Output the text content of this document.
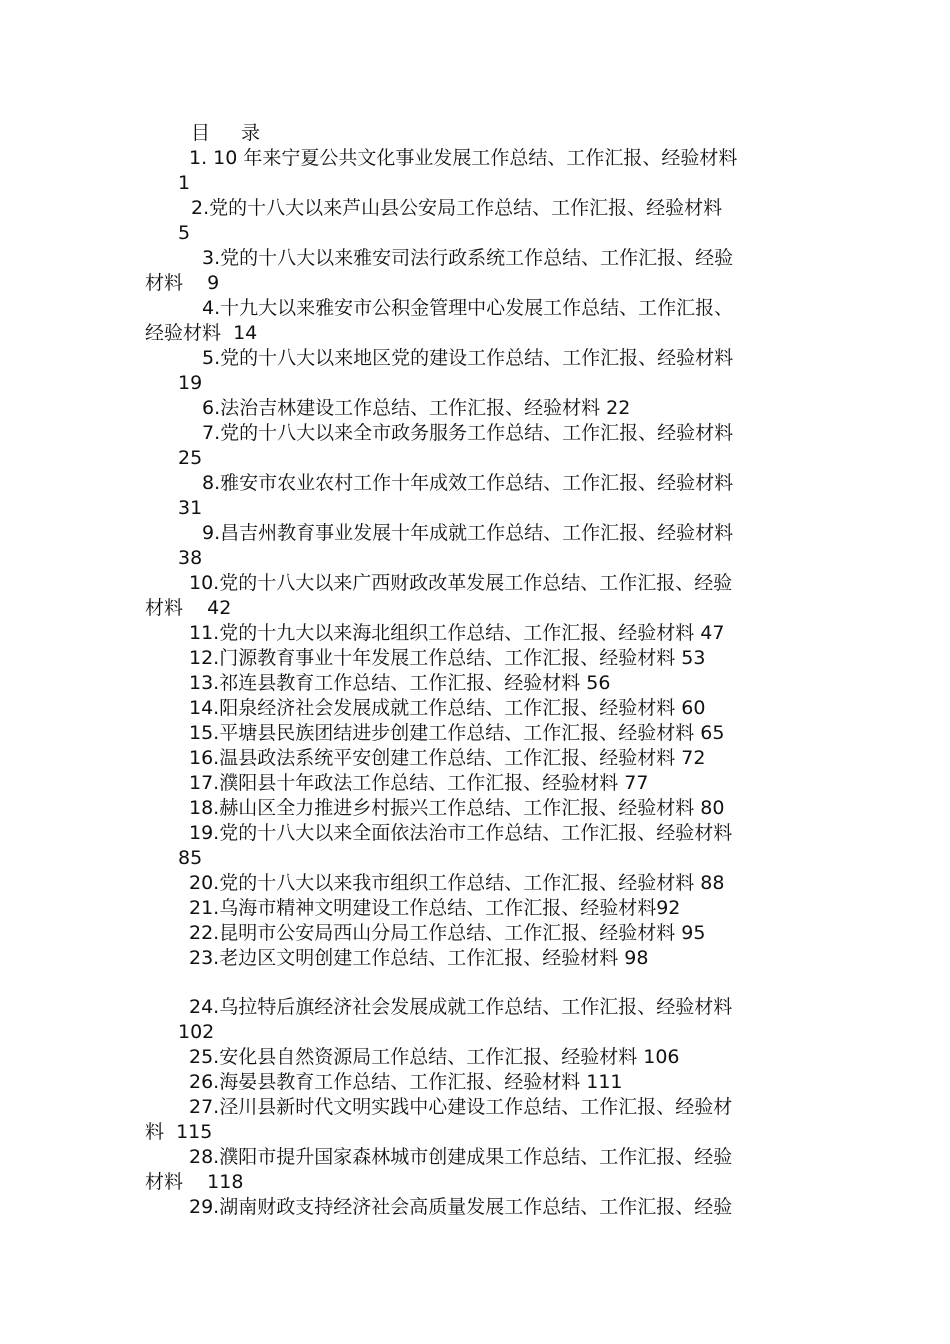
目 录
1. 10 年来宁夏公共文化事业发展工作总结、工作汇报、经验材料
1
2.党的十八大以来芦山县公安局工作总结、工作汇报、经验材料
5
3.党的十八大以来雅安司法行政系统工作总结、工作汇报、经验
材料    9
4.十九大以来雅安市公积金管理中心发展工作总结、工作汇报、
经验材料  14
5.党的十八大以来地区党的建设工作总结、工作汇报、经验材料
19
6.法治吉林建设工作总结、工作汇报、经验材料 22
7.党的十八大以来全市政务服务工作总结、工作汇报、经验材料
25
8.雅安市农业农村工作十年成效工作总结、工作汇报、经验材料
31
9.昌吉州教育事业发展十年成就工作总结、工作汇报、经验材料
38
10.党的十八大以来广西财政改革发展工作总结、工作汇报、经验
材料    42
11.党的十九大以来海北组织工作总结、工作汇报、经验材料 47
12.门源教育事业十年发展工作总结、工作汇报、经验材料 53
13.祁连县教育工作总结、工作汇报、经验材料 56
14.阳泉经济社会发展成就工作总结、工作汇报、经验材料 60
15.平塘县民族团结进步创建工作总结、工作汇报、经验材料 65
16.温县政法系统平安创建工作总结、工作汇报、经验材料 72
17.濮阳县十年政法工作总结、工作汇报、经验材料 77
18.赫山区全力推进乡村振兴工作总结、工作汇报、经验材料 80
19.党的十八大以来全面依法治市工作总结、工作汇报、经验材料
85
20.党的十八大以来我市组织工作总结、工作汇报、经验材料 88
21.乌海市精神文明建设工作总结、工作汇报、经验材料92
22.昆明市公安局西山分局工作总结、工作汇报、经验材料 95
23.老边区文明创建工作总结、工作汇报、经验材料 98
24.乌拉特后旗经济社会发展成就工作总结、工作汇报、经验材料
102
25.安化县自然资源局工作总结、工作汇报、经验材料 106
26.海晏县教育工作总结、工作汇报、经验材料 111
27.泾川县新时代文明实践中心建设工作总结、工作汇报、经验材
料  115
28.濮阳市提升国家森林城市创建成果工作总结、工作汇报、经验
材料    118
29.湖南财政支持经济社会高质量发展工作总结、工作汇报、经验
